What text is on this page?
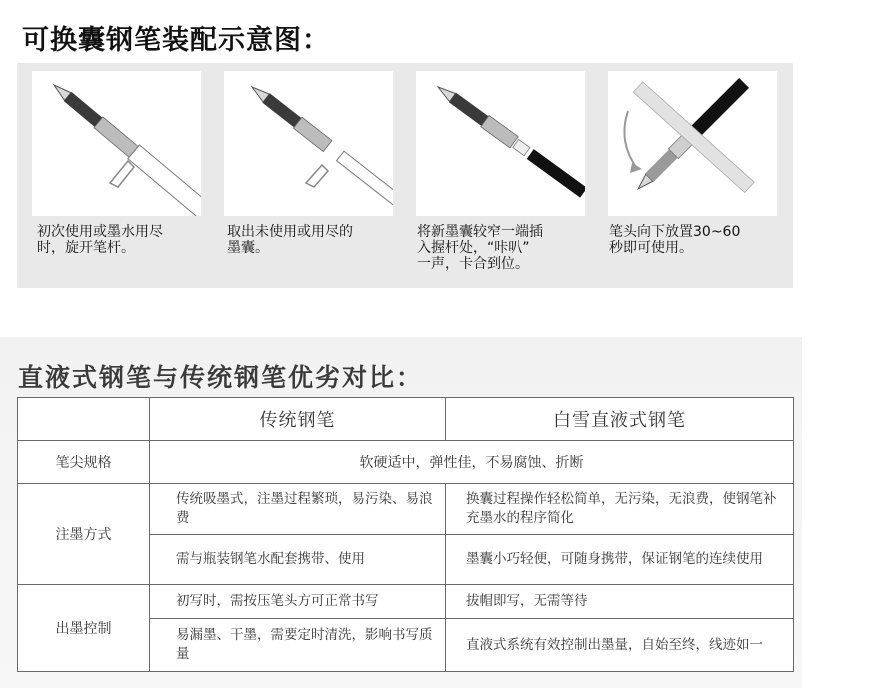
可换囊钢笔装配示意图：
初次使用或墨水用尽
时，旋开笔杆。
取出未使用或用尽的
墨囊。
将新墨囊较窄一端插
入握杆处，“咔叭”
一声，卡合到位。
笔头向下放置30~60
秒即可使用。
直液式钢笔与传统钢笔优劣对比：
	传统钢笔	白雪直液式钢笔
笔尖规格	软硬适中，弹性佳，不易腐蚀、折断	
注墨方式	传统吸墨式，注墨过程繁琐，易污染、易浪费	换囊过程操作轻松简单，无污染，无浪费，使钢笔补充墨水的程序简化
	需与瓶装钢笔水配套携带、使用	墨囊小巧轻便，可随身携带，保证钢笔的连续使用
出墨控制	初写时，需按压笔头方可正常书写	拔帽即写，无需等待
	易漏墨、干墨，需要定时清洗，影响书写质量	直液式系统有效控制出墨量，自始至终，线迹如一
